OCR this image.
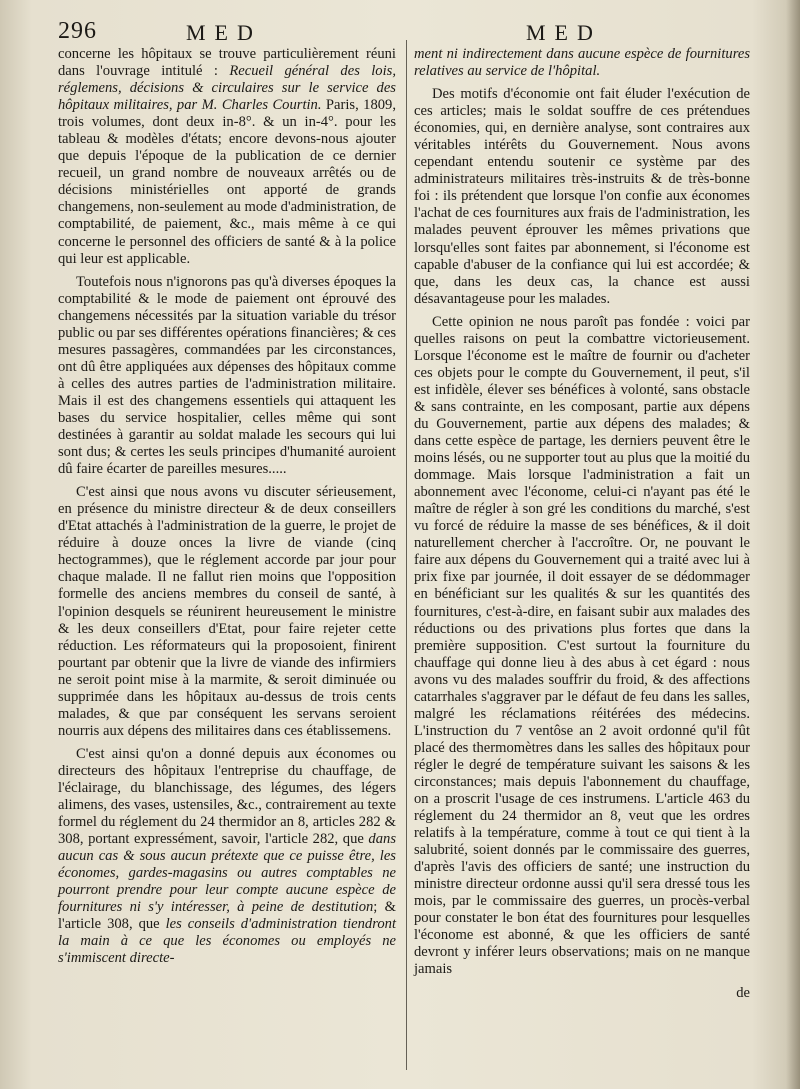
296	MED	MED

concerne les hôpitaux se trouve particulièrement réuni dans l'ouvrage intitulé : Recueil général des lois, réglemens, décisions & circulaires sur le service des hôpitaux militaires, par M. Charles Courtin. Paris, 1809, trois volumes, dont deux in-8°. & un in-4°. pour les tableau & modèles d'états; encore devons-nous ajouter que depuis l'époque de la publication de ce dernier recueil, un grand nombre de nouveaux arrêtés ou de décisions ministérielles ont apporté de grands changemens, non-seulement au mode d'administration, de comptabilité, de paiement, &c., mais même à ce qui concerne le personnel des officiers de santé & à la police qui leur est applicable.

Toutefois nous n'ignorons pas qu'à diverses époques la comptabilité & le mode de paiement ont éprouvé des changemens nécessités par la situation variable du trésor public ou par ses différentes opérations financières; & ces mesures passagères, commandées par les circonstances, ont dû être appliquées aux dépenses des hôpitaux comme à celles des autres parties de l'administration militaire. Mais il est des changemens essentiels qui attaquent les bases du service hospitalier, celles même qui sont destinées à garantir au soldat malade les secours qui lui sont dus; & certes les seuls principes d'humanité auroient dû faire écarter de pareilles mesures.....

C'est ainsi que nous avons vu discuter sérieusement, en présence du ministre directeur & de deux conseillers d'Etat attachés à l'administration de la guerre, le projet de réduire à douze onces la livre de viande (cinq hectogrammes), que le réglement accorde par jour pour chaque malade. Il ne fallut rien moins que l'opposition formelle des anciens membres du conseil de santé, à l'opinion desquels se réunirent heureusement le ministre & les deux conseillers d'Etat, pour faire rejeter cette réduction. Les réformateurs qui la proposoient, finirent pourtant par obtenir que la livre de viande des infirmiers ne seroit point mise à la marmite, & seroit diminuée ou supprimée dans les hôpitaux au-dessus de trois cents malades, & que par conséquent les servans seroient nourris aux dépens des militaires dans ces établissemens.

C'est ainsi qu'on a donné depuis aux économes ou directeurs des hôpitaux l'entreprise du chauffage, de l'éclairage, du blanchissage, des légumes, des légers alimens, des vases, ustensiles, &c., contrairement au texte formel du réglement du 24 thermidor an 8, articles 282 & 308, portant expressément, savoir, l'article 282, que dans aucun cas & sous aucun prétexte que ce puisse être, les économes, gardes-magasins ou autres comptables ne pourront prendre pour leur compte aucune espèce de fournitures ni s'y intéresser, à peine de destitution; & l'article 308, que les conseils d'administration tiendront la main à ce que les économes ou employés ne s'immiscent directe-

ment ni indirectement dans aucune espèce de fournitures relatives au service de l'hôpital.

Des motifs d'économie ont fait éluder l'exécution de ces articles; mais le soldat souffre de ces prétendues économies, qui, en dernière analyse, sont contraires aux véritables intérêts du Gouvernement. Nous avons cependant entendu soutenir ce système par des administrateurs militaires très-instruits & de très-bonne foi : ils prétendent que lorsque l'on confie aux économes l'achat de ces fournitures aux frais de l'administration, les malades peuvent éprouver les mêmes privations que lorsqu'elles sont faites par abonnement, si l'économe est capable d'abuser de la confiance qui lui est accordée; & que, dans les deux cas, la chance est aussi désavantageuse pour les malades.

Cette opinion ne nous paroît pas fondée : voici par quelles raisons on peut la combattre victorieusement. Lorsque l'économe est le maître de fournir ou d'acheter ces objets pour le compte du Gouvernement, il peut, s'il est infidèle, élever ses bénéfices à volonté, sans obstacle & sans contrainte, en les composant, partie aux dépens du Gouvernement, partie aux dépens des malades; & dans cette espèce de partage, les derniers peuvent être le moins lésés, ou ne supporter tout au plus que la moitié du dommage. Mais lorsque l'administration a fait un abonnement avec l'économe, celui-ci n'ayant pas été le maître de régler à son gré les conditions du marché, s'est vu forcé de réduire la masse de ses bénéfices, & il doit naturellement chercher à l'accroître. Or, ne pouvant le faire aux dépens du Gouvernement qui a traité avec lui à prix fixe par journée, il doit essayer de se dédommager en bénéficiant sur les qualités & sur les quantités des fournitures, c'est-à-dire, en faisant subir aux malades des réductions ou des privations plus fortes que dans la première supposition. C'est surtout la fourniture du chauffage qui donne lieu à des abus à cet égard : nous avons vu des malades souffrir du froid, & des affections catarrhales s'aggraver par le défaut de feu dans les salles, malgré les réclamations réitérées des médecins. L'instruction du 7 ventôse an 2 avoit ordonné qu'il fût placé des thermomètres dans les salles des hôpitaux pour régler le degré de température suivant les saisons & les circonstances; mais depuis l'abonnement du chauffage, on a proscrit l'usage de ces instrumens. L'article 463 du réglement du 24 thermidor an 8, veut que les ordres relatifs à la température, comme à tout ce qui tient à la salubrité, soient donnés par le commissaire des guerres, d'après l'avis des officiers de santé; une instruction du ministre directeur ordonne aussi qu'il sera dressé tous les mois, par le commissaire des guerres, un procès-verbal pour constater le bon état des fournitures pour lesquelles l'économe est abonné, & que les officiers de santé devront y inférer leurs observations; mais on ne manque jamais

de
